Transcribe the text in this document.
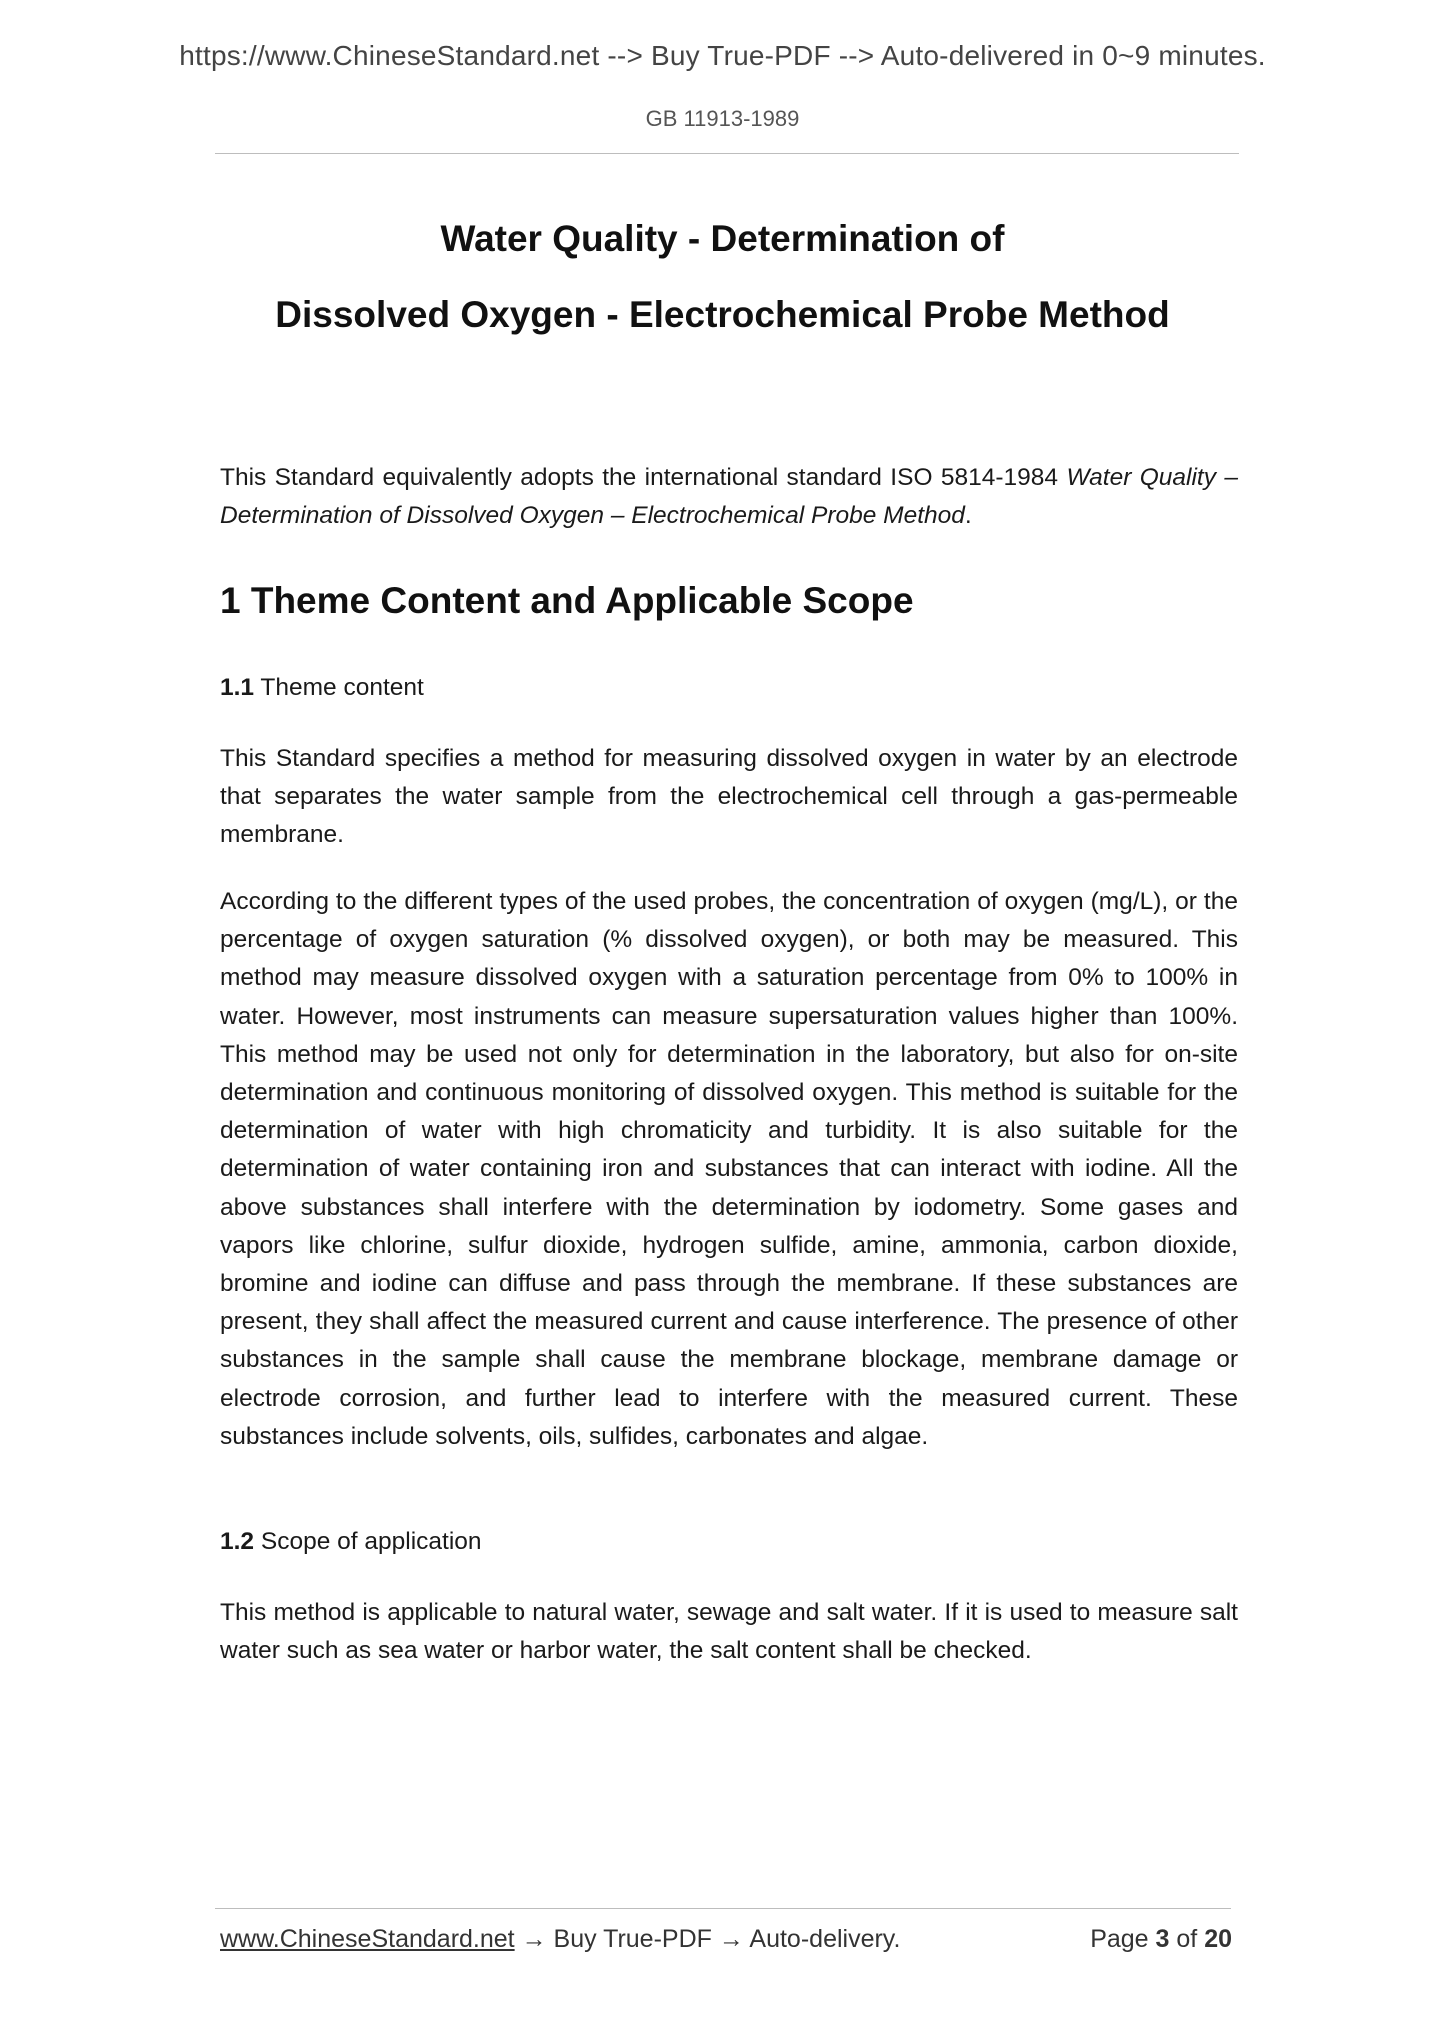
https://www.ChineseStandard.net --> Buy True-PDF --> Auto-delivered in 0~9 minutes.
GB 11913-1989
Water Quality - Determination of
Dissolved Oxygen - Electrochemical Probe Method

This Standard equivalently adopts the international standard ISO 5814-1984 Water Quality – Determination of Dissolved Oxygen – Electrochemical Probe Method.

1 Theme Content and Applicable Scope
1.1 Theme content

This Standard specifies a method for measuring dissolved oxygen in water by an electrode that separates the water sample from the electrochemical cell through a gas-permeable membrane.

According to the different types of the used probes, the concentration of oxygen (mg/L), or the percentage of oxygen saturation (% dissolved oxygen), or both may be measured. This method may measure dissolved oxygen with a saturation percentage from 0% to 100% in water. However, most instruments can measure supersaturation values higher than 100%. This method may be used not only for determination in the laboratory, but also for on-site determination and continuous monitoring of dissolved oxygen. This method is suitable for the determination of water with high chromaticity and turbidity. It is also suitable for the determination of water containing iron and substances that can interact with iodine. All the above substances shall interfere with the determination by iodometry. Some gases and vapors like chlorine, sulfur dioxide, hydrogen sulfide, amine, ammonia, carbon dioxide, bromine and iodine can diffuse and pass through the membrane. If these substances are present, they shall affect the measured current and cause interference. The presence of other substances in the sample shall cause the membrane blockage, membrane damage or electrode corrosion, and further lead to interfere with the measured current. These substances include solvents, oils, sulfides, carbonates and algae.

1.2 Scope of application

This method is applicable to natural water, sewage and salt water. If it is used to measure salt water such as sea water or harbor water, the salt content shall be checked.

www.ChineseStandard.net → Buy True-PDF → Auto-delivery.	Page 3 of 20
